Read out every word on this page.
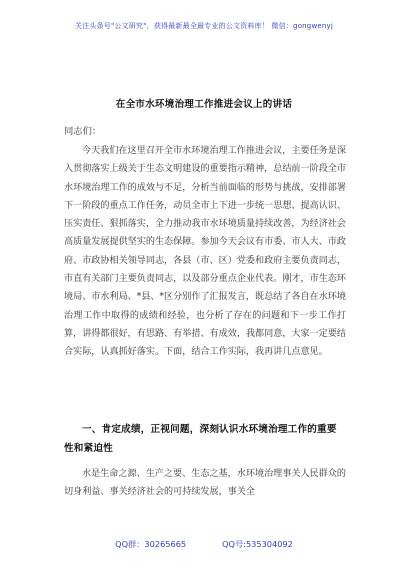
关注头条号"公文研究"，获得最新最全最专业的公文资料库！ 微信：gongwenyj
在全市水环境治理工作推进会议上的讲话
同志们：

今天我们在这里召开全市水环境治理工作推进会议，主要任务是深入贯彻落实上级关于生态文明建设的重要指示精神，总结前一阶段全市水环境治理工作的成效与不足，分析当前面临的形势与挑战，安排部署下一阶段的重点工作任务，动员全市上下进一步统一思想、提高认识、压实责任、狠抓落实，全力推动我市水环境质量持续改善，为经济社会高质量发展提供坚实的生态保障。参加今天会议有市委、市人大、市政府、市政协相关领导同志，各县（市、区）党委和政府主要负责同志，市直有关部门主要负责同志，以及部分重点企业代表。刚才，市生态环境局、市水利局、*县、*区分别作了汇报发言，既总结了各自在水环境治理工作中取得的成绩和经验，也分析了存在的问题和下一步工作打算，讲得都很好，有思路、有举措、有成效，我都同意，大家一定要结合实际，认真抓好落实。下面，结合工作实际，我再讲几点意见。

一、肯定成绩，正视问题，深刻认识水环境治理工作的重要性和紧迫性

水是生命之源、生产之要、生态之基，水环境治理事关人民群众的切身利益、事关经济社会的可持续发展，事关全

QQ群：30265665	QQ号:535304092
